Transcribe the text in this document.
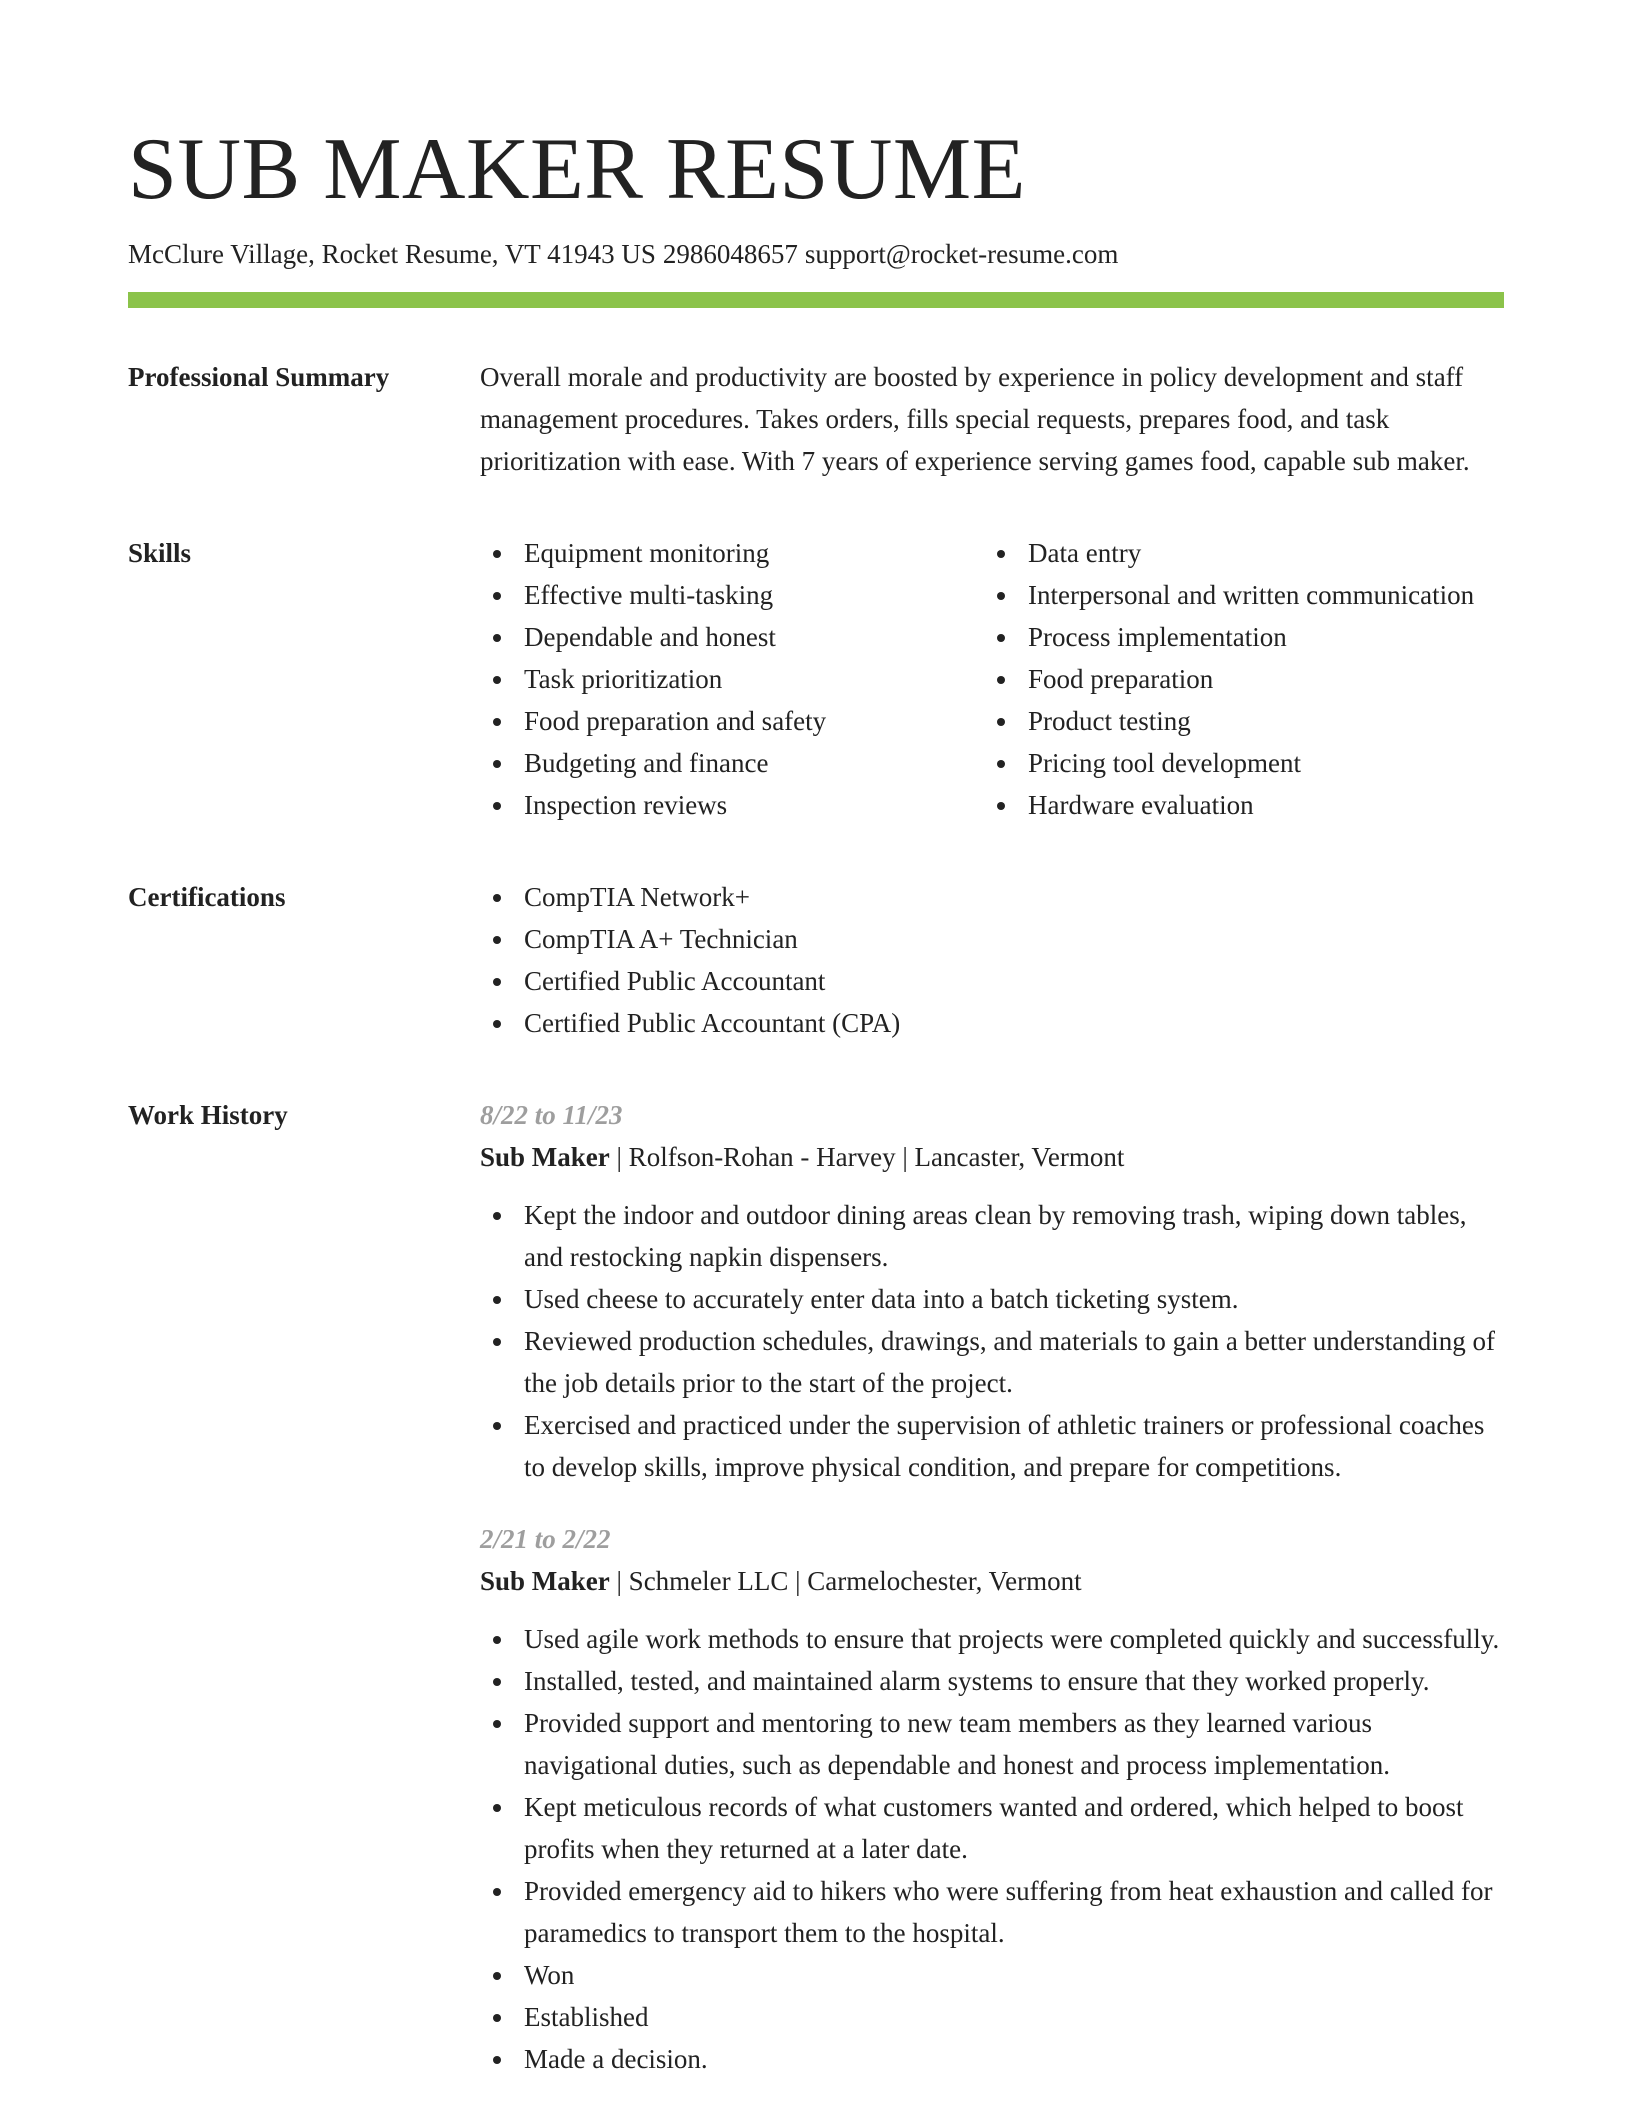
SUB MAKER RESUME
McClure Village, Rocket Resume, VT 41943 US 2986048657 support@rocket-resume.com
Professional Summary	Overall morale and productivity are boosted by experience in policy development and staff management procedures. Takes orders, fills special requests, prepares food, and task prioritization with ease. With 7 years of experience serving games food, capable sub maker.
Skills	Equipment monitoring
Effective multi-tasking
Dependable and honest
Task prioritization
Food preparation and safety
Budgeting and finance
Inspection reviews
Data entry
Interpersonal and written communication
Process implementation
Food preparation
Product testing
Pricing tool development
Hardware evaluation
Certifications	CompTIA Network+
CompTIA A+ Technician
Certified Public Accountant
Certified Public Accountant (CPA)
Work History	8/22 to 11/23
Sub Maker | Rolfson-Rohan - Harvey | Lancaster, Vermont
Kept the indoor and outdoor dining areas clean by removing trash, wiping down tables, and restocking napkin dispensers.
Used cheese to accurately enter data into a batch ticketing system.
Reviewed production schedules, drawings, and materials to gain a better understanding of the job details prior to the start of the project.
Exercised and practiced under the supervision of athletic trainers or professional coaches to develop skills, improve physical condition, and prepare for competitions.
2/21 to 2/22
Sub Maker | Schmeler LLC | Carmelochester, Vermont
Used agile work methods to ensure that projects were completed quickly and successfully.
Installed, tested, and maintained alarm systems to ensure that they worked properly.
Provided support and mentoring to new team members as they learned various navigational duties, such as dependable and honest and process implementation.
Kept meticulous records of what customers wanted and ordered, which helped to boost profits when they returned at a later date.
Provided emergency aid to hikers who were suffering from heat exhaustion and called for paramedics to transport them to the hospital.
Won
Established
Made a decision.
